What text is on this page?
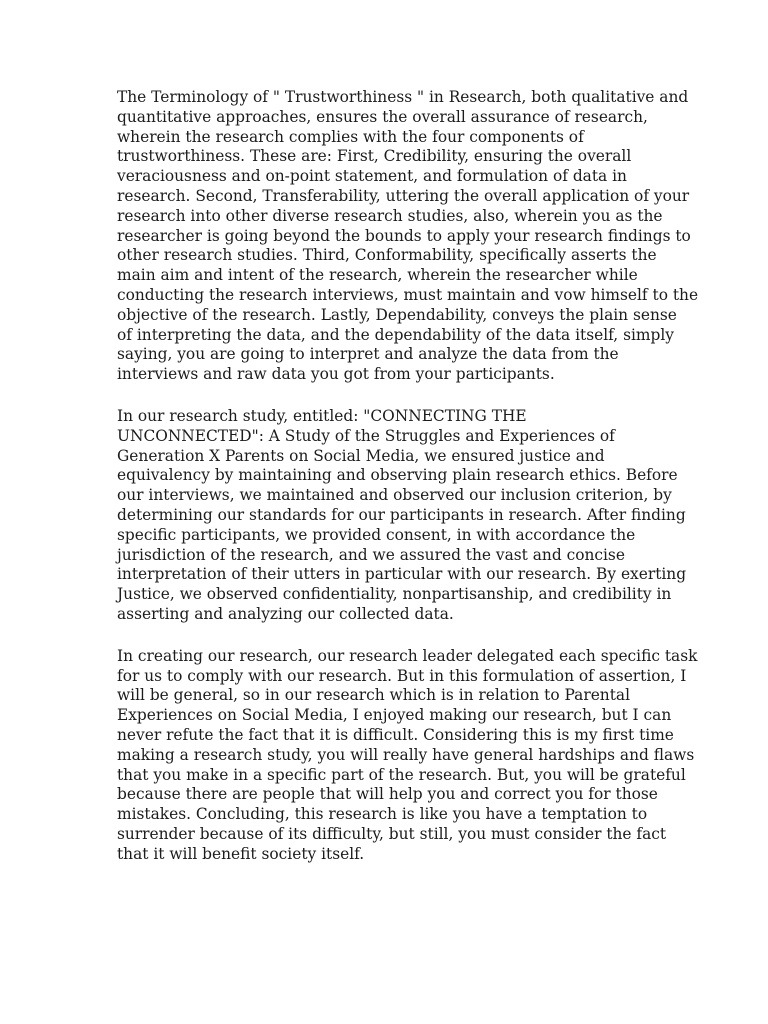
The Terminology of " Trustworthiness " in Research, both qualitative and
quantitative approaches, ensures the overall assurance of research,
wherein the research complies with the four components of
trustworthiness. These are: First, Credibility, ensuring the overall
veraciousness and on-point statement, and formulation of data in
research. Second, Transferability, uttering the overall application of your
research into other diverse research studies, also, wherein you as the
researcher is going beyond the bounds to apply your research findings to
other research studies. Third, Conformability, specifically asserts the
main aim and intent of the research, wherein the researcher while
conducting the research interviews, must maintain and vow himself to the
objective of the research. Lastly, Dependability, conveys the plain sense
of interpreting the data, and the dependability of the data itself, simply
saying, you are going to interpret and analyze the data from the
interviews and raw data you got from your participants.
In our research study, entitled: "CONNECTING THE
UNCONNECTED": A Study of the Struggles and Experiences of
Generation X Parents on Social Media, we ensured justice and
equivalency by maintaining and observing plain research ethics. Before
our interviews, we maintained and observed our inclusion criterion, by
determining our standards for our participants in research. After finding
specific participants, we provided consent, in with accordance the
jurisdiction of the research, and we assured the vast and concise
interpretation of their utters in particular with our research. By exerting
Justice, we observed confidentiality, nonpartisanship, and credibility in
asserting and analyzing our collected data.
In creating our research, our research leader delegated each specific task
for us to comply with our research. But in this formulation of assertion, I
will be general, so in our research which is in relation to Parental
Experiences on Social Media, I enjoyed making our research, but I can
never refute the fact that it is difficult. Considering this is my first time
making a research study, you will really have general hardships and flaws
that you make in a specific part of the research. But, you will be grateful
because there are people that will help you and correct you for those
mistakes. Concluding, this research is like you have a temptation to
surrender because of its difficulty, but still, you must consider the fact
that it will benefit society itself.
